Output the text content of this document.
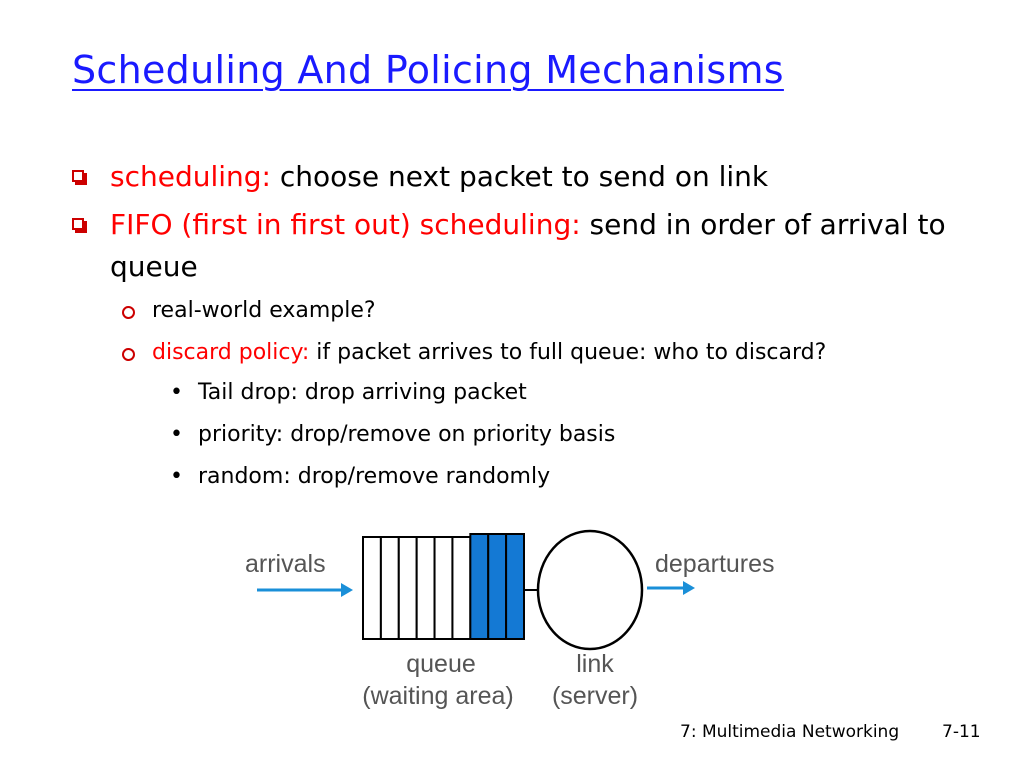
Scheduling And Policing Mechanisms
scheduling: choose next packet to send on link
FIFO (first in first out) scheduling: send in order of arrival to queue
real-world example?
discard policy: if packet arrives to full queue: who to discard?
• Tail drop: drop arriving packet
• priority: drop/remove on priority basis
• random: drop/remove randomly
arrivals	departures
queue
(waiting area)
link
(server)
7: Multimedia Networking	7-11
